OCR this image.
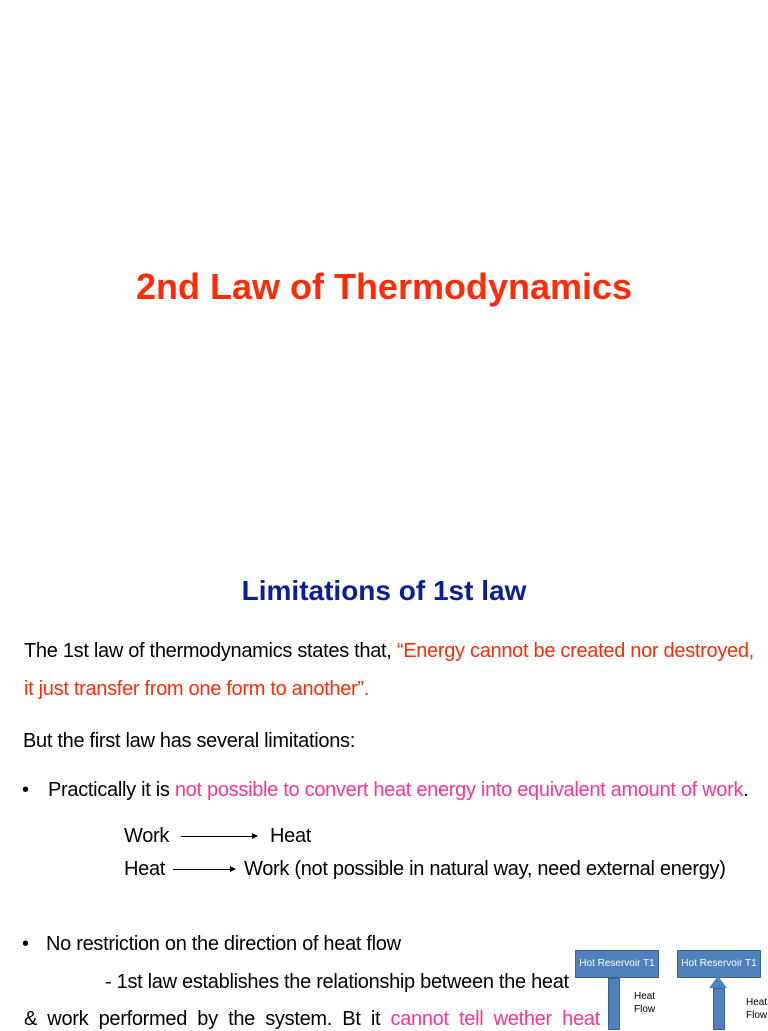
2nd Law of Thermodynamics
Limitations of 1st law
The 1st law of thermodynamics states that, “Energy cannot be created nor destroyed,
it just transfer from one form to another”.
But the first law has several limitations:
• Practically it is not possible to convert heat energy into equivalent amount of work.
Work	Heat
Heat	Work (not possible in natural way, need external energy)
• No restriction on the direction of heat flow
- 1st law establishes the relationship between the heat
& work performed by the system. Bt it cannot tell wether heat
Hot Reservoir T1
Heat
Flow
Hot Reservoir T1
Heat
Flow
